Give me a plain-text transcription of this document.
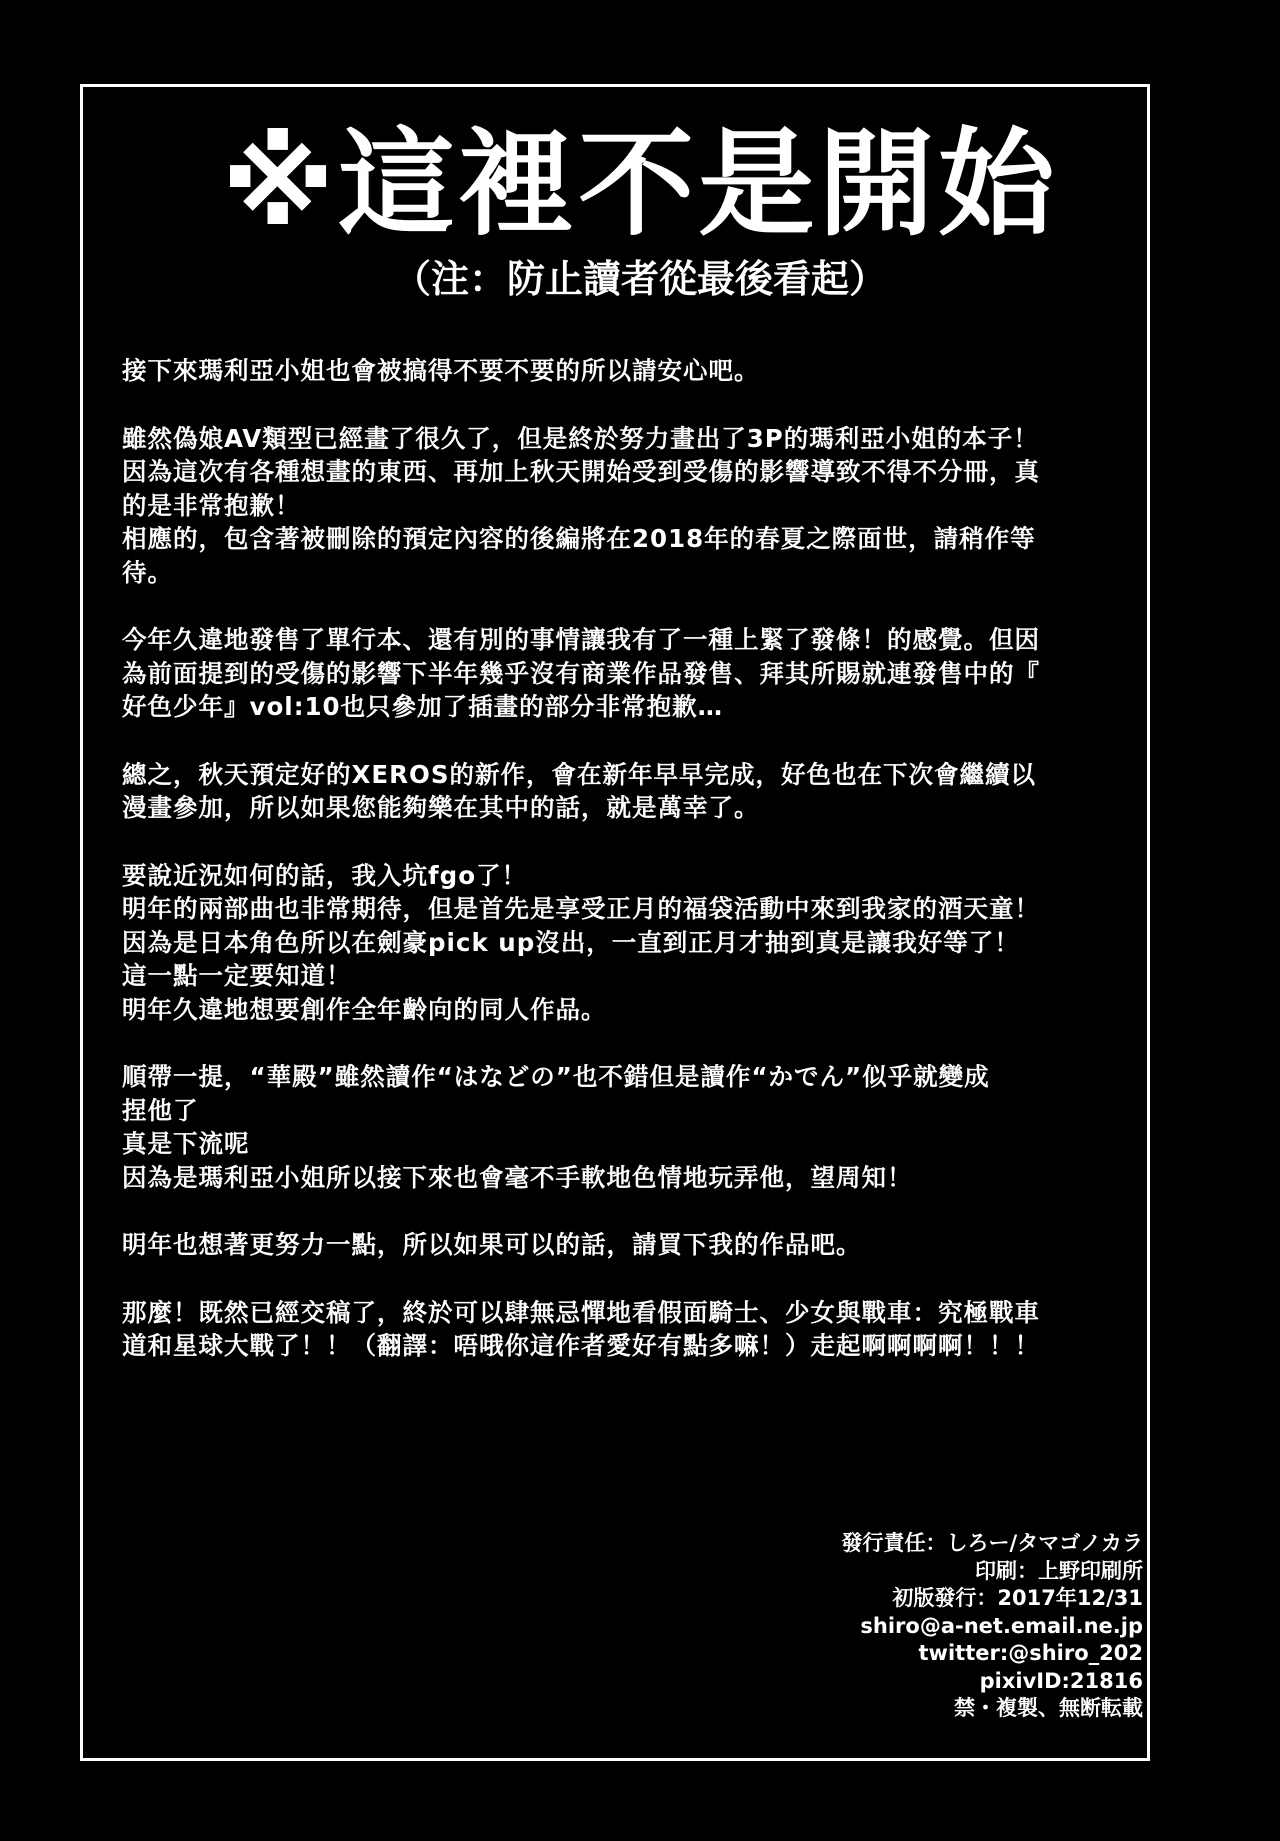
※這裡不是開始
（注：防止讀者從最後看起）

接下來瑪利亞小姐也會被搞得不要不要的所以請安心吧。

雖然偽娘AV類型已經畫了很久了，但是終於努力畫出了3P的瑪利亞小姐的本子！
因為這次有各種想畫的東西、再加上秋天開始受到受傷的影響導致不得不分冊，真
的是非常抱歉！
相應的，包含著被刪除的預定內容的後編將在2018年的春夏之際面世，請稍作等
待。

今年久違地發售了單行本、還有別的事情讓我有了一種上緊了發條！的感覺。但因
為前面提到的受傷的影響下半年幾乎沒有商業作品發售、拜其所賜就連發售中的『
好色少年』vol:10也只參加了插畫的部分非常抱歉…

總之，秋天預定好的XEROS的新作，會在新年早早完成，好色也在下次會繼續以
漫畫參加，所以如果您能夠樂在其中的話，就是萬幸了。

要說近況如何的話，我入坑fgo了！
明年的兩部曲也非常期待，但是首先是享受正月的福袋活動中來到我家的酒天童！
因為是日本角色所以在劍豪pick up沒出，一直到正月才抽到真是讓我好等了！
這一點一定要知道！
明年久違地想要創作全年齡向的同人作品。

順帶一提，“華殿”雖然讀作“はなどの”也不錯但是讀作“かでん”似乎就變成
捏他了
真是下流呢
因為是瑪利亞小姐所以接下來也會毫不手軟地色情地玩弄他，望周知！

明年也想著更努力一點，所以如果可以的話，請買下我的作品吧。

那麼！既然已經交稿了，終於可以肆無忌憚地看假面騎士、少女與戰車：究極戰車
道和星球大戰了！！（翻譯：唔哦你這作者愛好有點多嘛！）走起啊啊啊啊！！！

發行責任：しろー/タマゴノカラ
印刷：上野印刷所
初版發行：2017年12/31
shiro@a-net.email.ne.jp
twitter:@shiro_202
pixivID:21816
禁・複製、無断転載
